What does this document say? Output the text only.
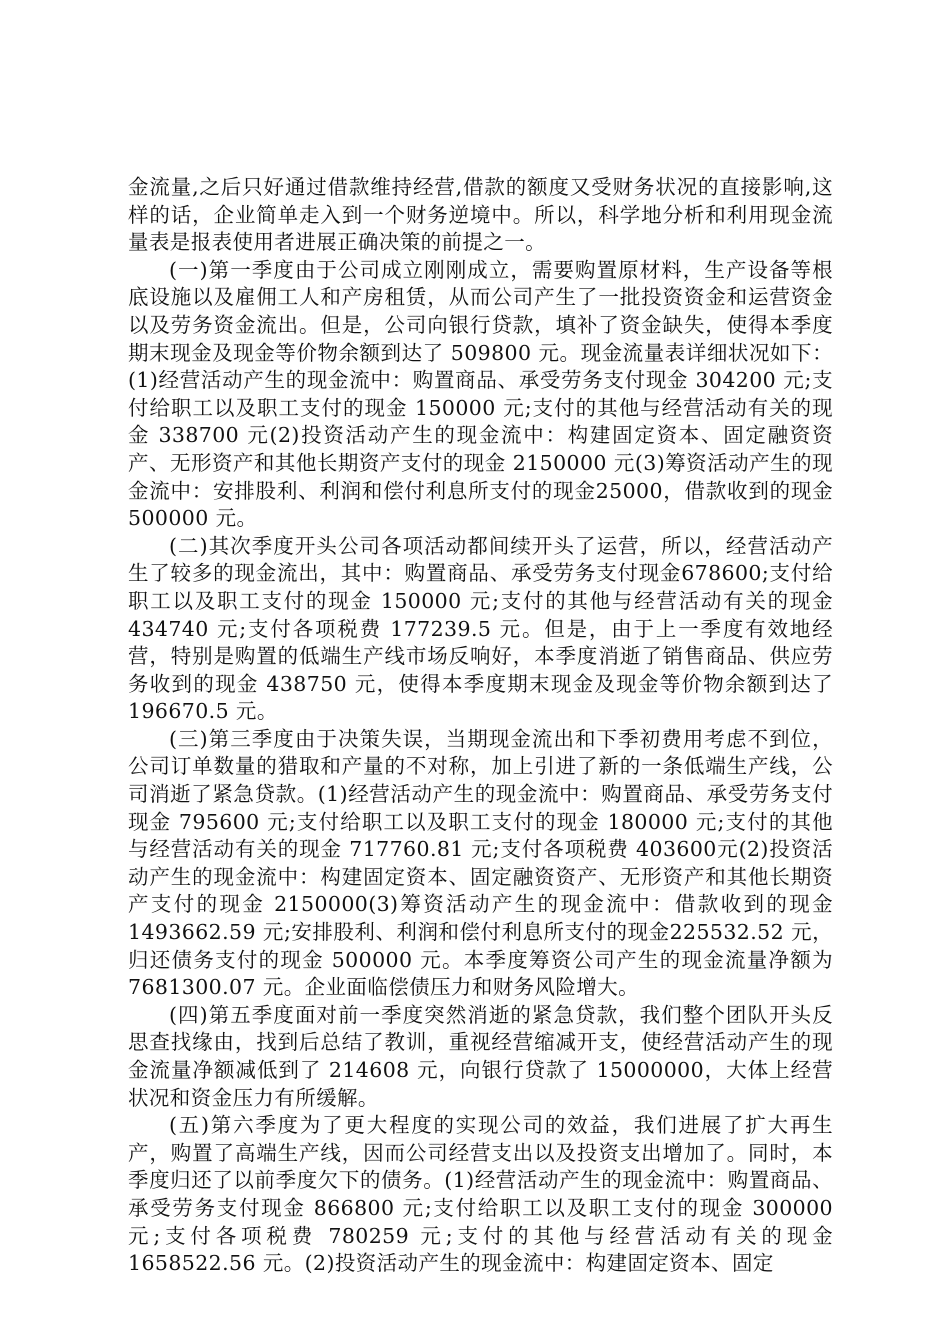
金流量,之后只好通过借款维持经营,借款的额度又受财务状况的直接影响,这样的话，企业简单走入到一个财务逆境中。所以，科学地分析和利用现金流量表是报表使用者进展正确决策的前提之一。

(一)第一季度由于公司成立刚刚成立，需要购置原材料，生产设备等根底设施以及雇佣工人和产房租赁，从而公司产生了一批投资资金和运营资金以及劳务资金流出。但是，公司向银行贷款，填补了资金缺失，使得本季度期末现金及现金等价物余额到达了 509800 元。现金流量表详细状况如下：(1)经营活动产生的现金流中：购置商品、承受劳务支付现金 304200 元;支付给职工以及职工支付的现金 150000 元;支付的其他与经营活动有关的现金 338700 元(2)投资活动产生的现金流中：构建固定资本、固定融资资产、无形资产和其他长期资产支付的现金 2150000 元(3)筹资活动产生的现金流中：安排股利、利润和偿付利息所支付的现金25000，借款收到的现金 500000 元。

(二)其次季度开头公司各项活动都间续开头了运营，所以，经营活动产生了较多的现金流出，其中：购置商品、承受劳务支付现金678600;支付给职工以及职工支付的现金 150000 元;支付的其他与经营活动有关的现金 434740 元;支付各项税费 177239.5 元。但是，由于上一季度有效地经营，特别是购置的低端生产线市场反响好，本季度消逝了销售商品、供应劳务收到的现金 438750 元，使得本季度期末现金及现金等价物余额到达了 196670.5 元。

(三)第三季度由于决策失误，当期现金流出和下季初费用考虑不到位，公司订单数量的猎取和产量的不对称，加上引进了新的一条低端生产线，公司消逝了紧急贷款。(1)经营活动产生的现金流中：购置商品、承受劳务支付现金 795600 元;支付给职工以及职工支付的现金 180000 元;支付的其他与经营活动有关的现金 717760.81 元;支付各项税费 403600元(2)投资活动产生的现金流中：构建固定资本、固定融资资产、无形资产和其他长期资产支付的现金 2150000(3)筹资活动产生的现金流中：借款收到的现金 1493662.59 元;安排股利、利润和偿付利息所支付的现金225532.52 元，归还债务支付的现金 500000 元。本季度筹资公司产生的现金流量净额为 7681300.07 元。企业面临偿债压力和财务风险增大。

(四)第五季度面对前一季度突然消逝的紧急贷款，我们整个团队开头反思查找缘由，找到后总结了教训，重视经营缩减开支，使经营活动产生的现金流量净额减低到了 214608 元，向银行贷款了 15000000，大体上经营状况和资金压力有所缓解。

(五)第六季度为了更大程度的实现公司的效益，我们进展了扩大再生产，购置了高端生产线，因而公司经营支出以及投资支出增加了。同时，本季度归还了以前季度欠下的债务。(1)经营活动产生的现金流中：购置商品、承受劳务支付现金 866800 元;支付给职工以及职工支付的现金 300000 元;支付各项税费 780259 元;支付的其他与经营活动有关的现金 1658522.56 元。(2)投资活动产生的现金流中：构建固定资本、固定
